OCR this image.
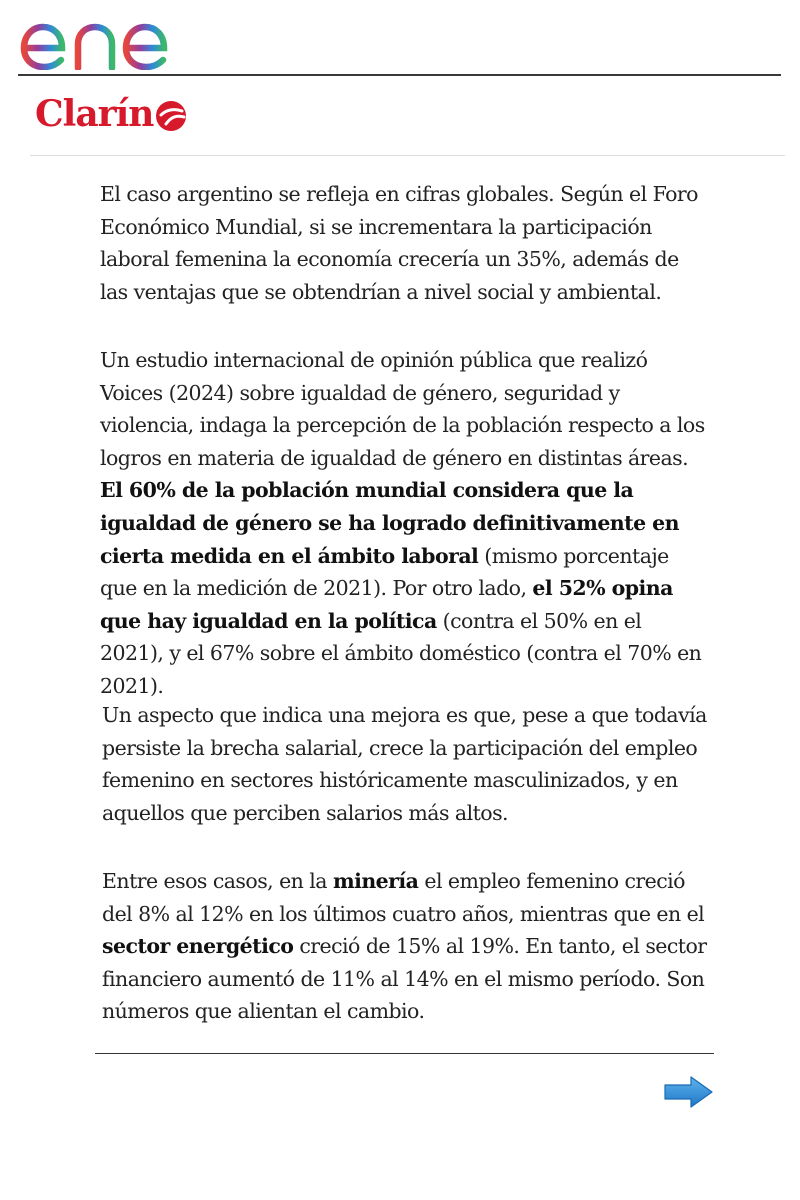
Clarín

El caso argentino se refleja en cifras globales. Según el Foro Económico Mundial, si se incrementara la participación laboral femenina la economía crecería un 35%, además de las ventajas que se obtendrían a nivel social y ambiental.

Un estudio internacional de opinión pública que realizó Voices (2024) sobre igualdad de género, seguridad y violencia, indaga la percepción de la población respecto a los logros en materia de igualdad de género en distintas áreas. El 60% de la población mundial considera que la igualdad de género se ha logrado definitivamente en cierta medida en el ámbito laboral (mismo porcentaje que en la medición de 2021). Por otro lado, el 52% opina que hay igualdad en la política (contra el 50% en el 2021), y el 67% sobre el ámbito doméstico (contra el 70% en 2021).

Un aspecto que indica una mejora es que, pese a que todavía persiste la brecha salarial, crece la participación del empleo femenino en sectores históricamente masculinizados, y en aquellos que perciben salarios más altos.

Entre esos casos, en la minería el empleo femenino creció del 8% al 12% en los últimos cuatro años, mientras que en el sector energético creció de 15% al 19%. En tanto, el sector financiero aumentó de 11% al 14% en el mismo período. Son números que alientan el cambio.
